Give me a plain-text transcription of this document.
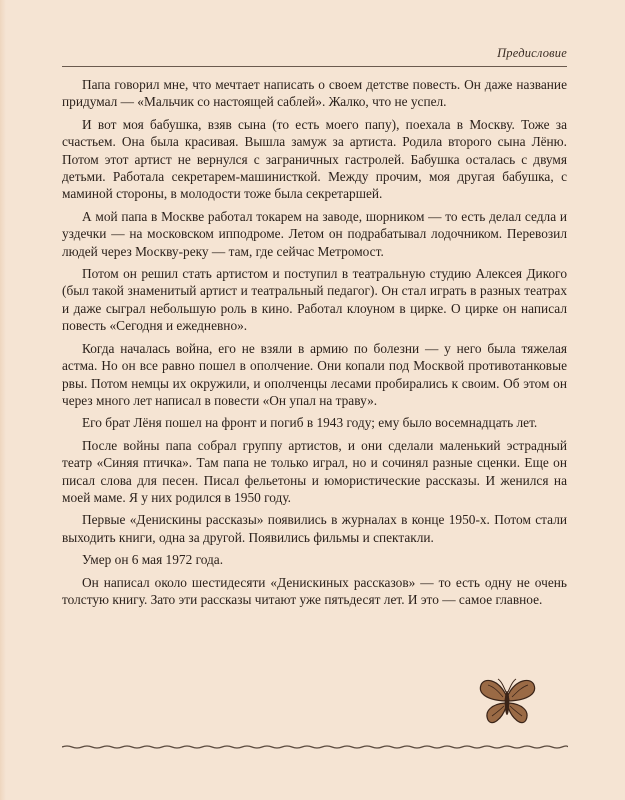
Предисловие

Папа говорил мне, что мечтает написать о своем детстве повесть. Он даже название придумал — «Мальчик со настоящей саблей». Жалко, что не успел.

И вот моя бабушка, взяв сына (то есть моего папу), поехала в Москву. Тоже за счастьем. Она была красивая. Вышла замуж за артиста. Родила второго сына Лёню. Потом этот артист не вернулся с заграничных гастролей. Бабушка осталась с двумя детьми. Работала секретарем-машинисткой. Между прочим, моя другая бабушка, с маминой стороны, в молодости тоже была секретаршей.

А мой папа в Москве работал токарем на заводе, шорником — то есть делал седла и уздечки — на московском ипподроме. Летом он подрабатывал лодочником. Перевозил людей через Москву-реку — там, где сейчас Метромост.

Потом он решил стать артистом и поступил в театральную студию Алексея Дикого (был такой знаменитый артист и театральный педагог). Он стал играть в разных театрах и даже сыграл небольшую роль в кино. Работал клоуном в цирке. О цирке он написал повесть «Сегодня и ежедневно».

Когда началась война, его не взяли в армию по болезни — у него была тяжелая астма. Но он все равно пошел в ополчение. Они копали под Москвой противотанковые рвы. Потом немцы их окружили, и ополченцы лесами пробирались к своим. Об этом он через много лет написал в повести «Он упал на траву».

Его брат Лёня пошел на фронт и погиб в 1943 году; ему было восемнадцать лет.

После войны папа собрал группу артистов, и они сделали маленький эстрадный театр «Синяя птичка». Там папа не только играл, но и сочинял разные сценки. Еще он писал слова для песен. Писал фельетоны и юмористические рассказы. И женился на моей маме. Я у них родился в 1950 году.

Первые «Денискины рассказы» появились в журналах в конце 1950-х. Потом стали выходить книги, одна за другой. Появились фильмы и спектакли.

Умер он 6 мая 1972 года.

Он написал около шестидесяти «Денискиных рассказов» — то есть одну не очень толстую книгу. Зато эти рассказы читают уже пятьдесят лет. И это — самое главное.
